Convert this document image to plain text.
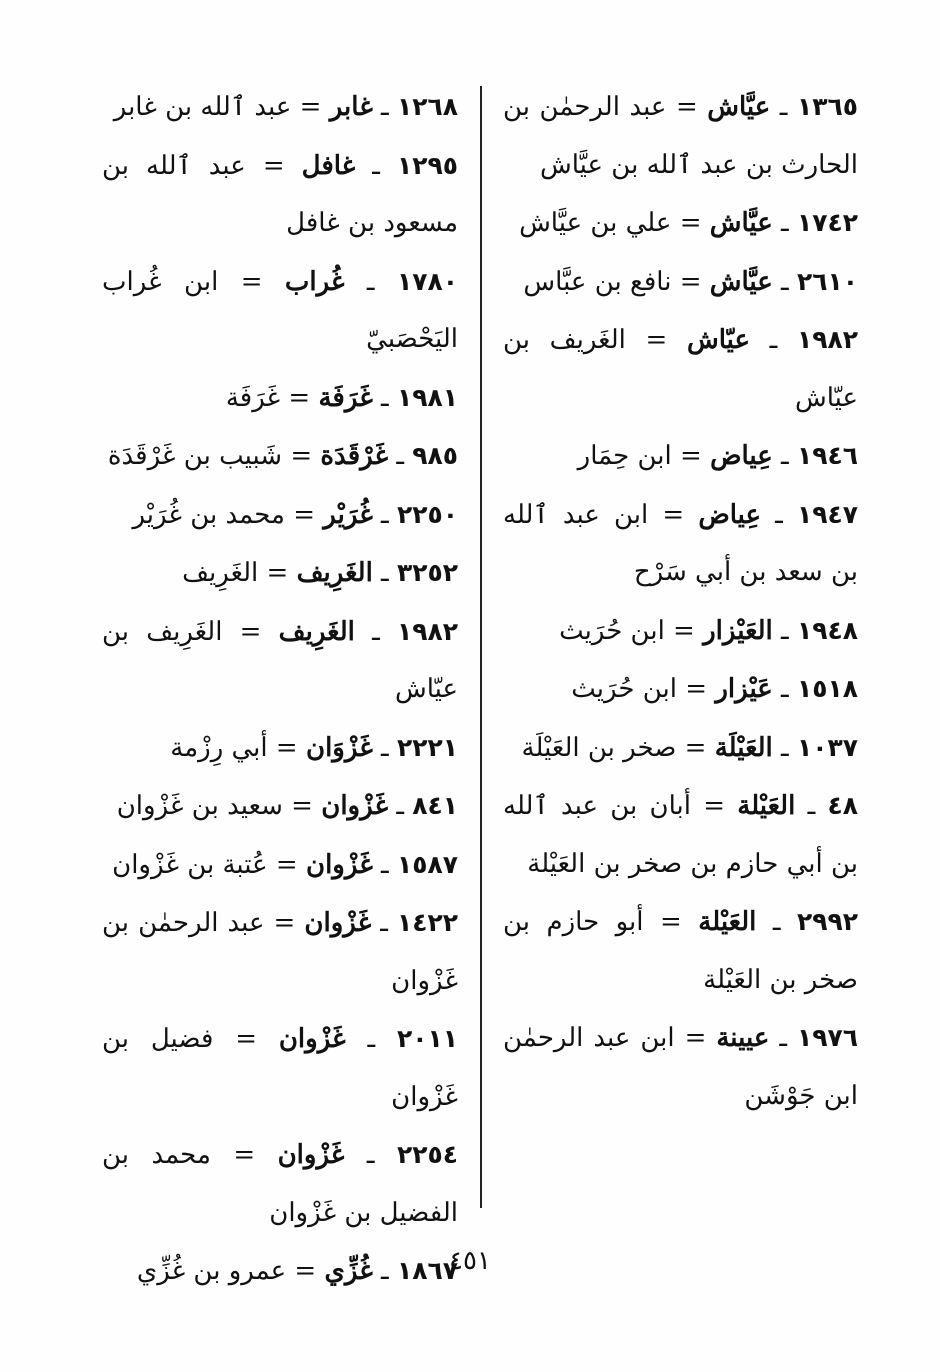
١٣٦٥ ـ عيَّاش = عبد الرحمٰن بن الحارث بن عبد ٱلله بن عيَّاش

١٧٤٢ ـ عيَّاش = علي بن عيَّاش

٢٦١٠ ـ عيَّاش = نافع بن عبَّاس

١٩٨٢ ـ عيّاش = الغَريف بن عيّاش

١٩٤٦ ـ عِياض = ابن حِمَار

١٩٤٧ ـ عِياض = ابن عبد ٱلله بن سعد بن أبي سَرْح

١٩٤٨ ـ العَيْزار = ابن حُرَيث

١٥١٨ ـ عَيْزار = ابن حُرَيث

١٠٣٧ ـ العَيْلَة = صخر بن العَيْلَة

٤٨ ـ العَيْلة = أبان بن عبد ٱلله بن أبي حازم بن صخر بن العَيْلة

٢٩٩٢ ـ العَيْلة = أبو حازم بن صخر بن العَيْلة

١٩٧٦ ـ عيينة = ابن عبد الرحمٰن ابن جَوْشَن

١٢٦٨ ـ غابر = عبد ٱلله بن غابر

١٢٩٥ ـ غافل = عبد ٱلله بن مسعود بن غافل

١٧٨٠ ـ غُراب = ابن غُراب اليَحْصَبيّ

١٩٨١ ـ غَرَفَة = غَرَفَة

٩٨٥ ـ غَرْقَدَة = شَبيب بن غَرْقَدَة

٢٢٥٠ ـ غُرَيْر = محمد بن غُرَيْر

٣٢٥٢ ـ الغَرِيف = الغَرِيف

١٩٨٢ ـ الغَرِيف = الغَرِيف بن عيّاش

٢٢٢١ ـ غَزْوَان = أبي رِزْمة

٨٤١ ـ غَزْوان = سعيد بن غَزْوان

١٥٨٧ ـ غَزْوان = عُتبة بن غَزْوان

١٤٢٢ ـ غَزْوان = عبد الرحمٰن بن غَزْوان

٢٠١١ ـ غَزْوان = فضيل بن غَزْوان

٢٢٥٤ ـ غَزْوان = محمد بن الفضيل بن غَزْوان

١٨٦٧ ـ غُزِّي = عمرو بن غُزِّي	٤٥١
